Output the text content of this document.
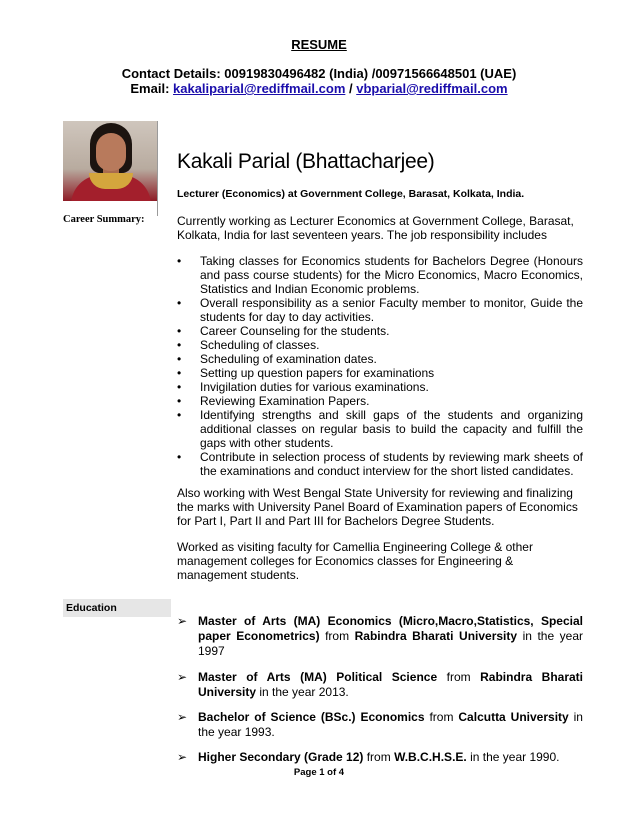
RESUME
Contact Details: 00919830496482 (India) /00971566648501 (UAE)
Email: kakaliparial@rediffmail.com / vbparial@rediffmail.com
Kakali Parial (Bhattacharjee)
Lecturer (Economics) at Government College, Barasat, Kolkata, India.
Career Summary:	Currently working as Lecturer Economics at Government College, Barasat, Kolkata, India for last seventeen years. The job responsibility includes
• Taking classes for Economics students for Bachelors Degree (Honours and pass course students) for the Micro Economics, Macro Economics, Statistics and Indian Economic problems.
• Overall responsibility as a senior Faculty member to monitor, Guide the students for day to day activities.
• Career Counseling for the students.
• Scheduling of classes.
• Scheduling of examination dates.
• Setting up question papers for examinations
• Invigilation duties for various examinations.
• Reviewing Examination Papers.
• Identifying strengths and skill gaps of the students and organizing additional classes on regular basis to build the capacity and fulfill the gaps with other students.
• Contribute in selection process of students by reviewing mark sheets of the examinations and conduct interview for the short listed candidates.
Also working with West Bengal State University for reviewing and finalizing the marks with University Panel Board of Examination papers of Economics for Part I, Part II and Part III for Bachelors Degree Students.
Worked as visiting faculty for Camellia Engineering College & other management colleges for Economics classes for Engineering & management students.
Education
➢ Master of Arts (MA) Economics (Micro,Macro,Statistics, Special paper Econometrics) from Rabindra Bharati University in the year 1997
➢ Master of Arts (MA) Political Science from Rabindra Bharati University in the year 2013.
➢ Bachelor of Science (BSc.) Economics from Calcutta University in the year 1993.
➢ Higher Secondary (Grade 12) from W.B.C.H.S.E. in the year 1990.
Page 1 of 4
